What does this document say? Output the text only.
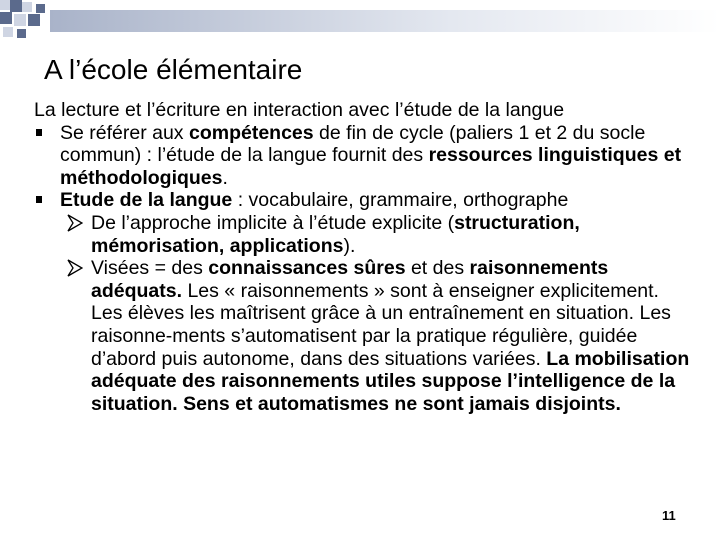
A l’école élémentaire

La lecture et l’écriture en interaction avec l’étude de la langue

Se référer aux compétences de fin de cycle (paliers 1 et 2 du socle commun) : l’étude de la langue fournit des ressources linguistiques et méthodologiques.

Etude de la langue : vocabulaire, grammaire, orthographe

De l’approche implicite à l’étude explicite (structuration, mémorisation, applications).

Visées = des connaissances sûres et des raisonnements adéquats. Les « raisonnements » sont à enseigner explicitement. Les élèves les maîtrisent grâce à un entraînement en situation. Les raisonne-ments s’automatisent par la pratique régulière, guidée d’abord puis autonome, dans des situations variées. La mobilisation adéquate des raisonnements utiles suppose l’intelligence de la situation. Sens et automatismes ne sont jamais disjoints.

11
